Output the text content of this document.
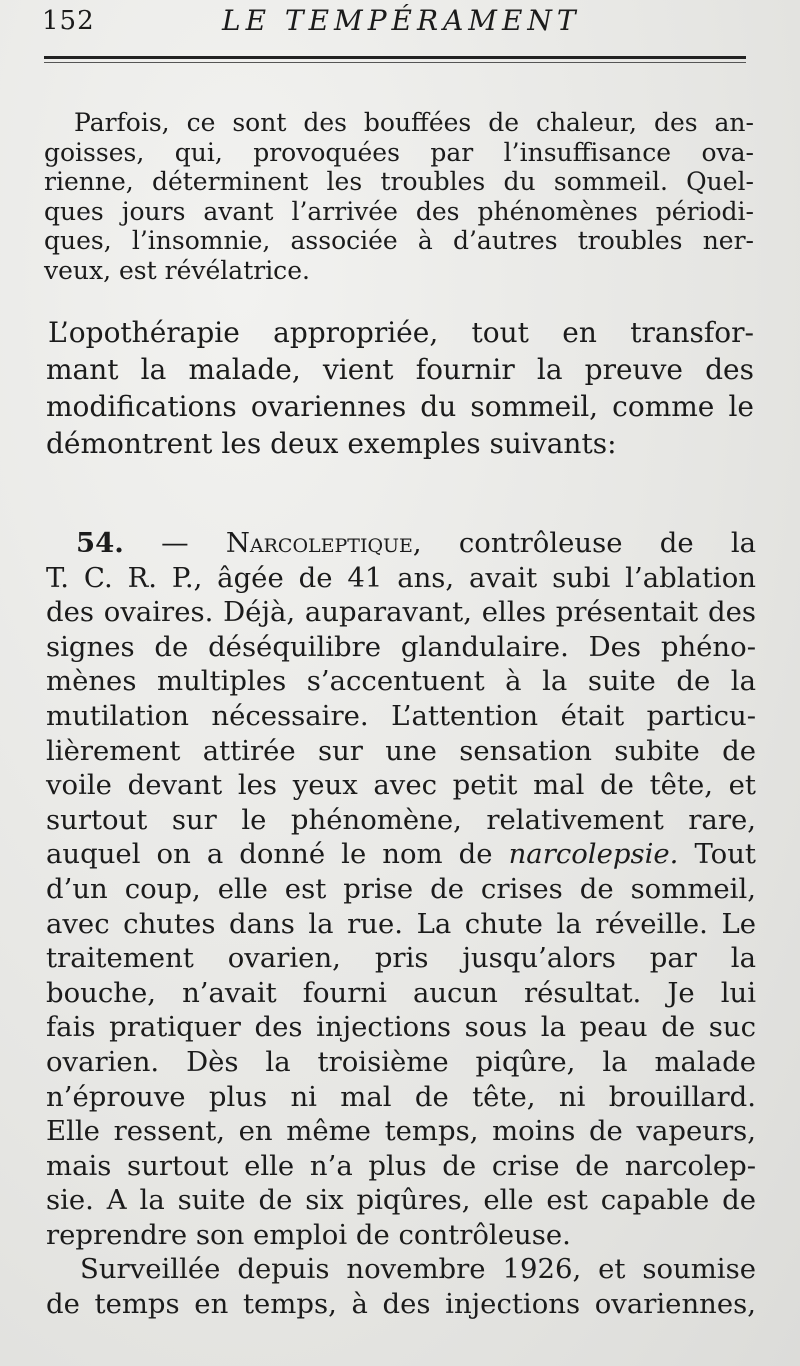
152	LE TEMPÉRAMENT

Parfois, ce sont des bouffées de chaleur, des an-
goisses, qui, provoquées par l’insuffisance ova-
rienne, déterminent les troubles du sommeil. Quel-
ques jours avant l’arrivée des phénomènes périodi-
ques, l’insomnie, associée à d’autres troubles ner-
veux, est révélatrice.

L’opothérapie appropriée, tout en transfor-
mant la malade, vient fournir la preuve des
modifications ovariennes du sommeil, comme le
démontrent les deux exemples suivants:

54. — Narcoleptique, contrôleuse de la
T. C. R. P., âgée de 41 ans, avait subi l’ablation
des ovaires. Déjà, auparavant, elles présentait des
signes de déséquilibre glandulaire. Des phéno-
mènes multiples s’accentuent à la suite de la
mutilation nécessaire. L’attention était particu-
lièrement attirée sur une sensation subite de
voile devant les yeux avec petit mal de tête, et
surtout sur le phénomène, relativement rare,
auquel on a donné le nom de narcolepsie. Tout
d’un coup, elle est prise de crises de sommeil,
avec chutes dans la rue. La chute la réveille. Le
traitement ovarien, pris jusqu’alors par la
bouche, n’avait fourni aucun résultat. Je lui
fais pratiquer des injections sous la peau de suc
ovarien. Dès la troisième piqûre, la malade
n’éprouve plus ni mal de tête, ni brouillard.
Elle ressent, en même temps, moins de vapeurs,
mais surtout elle n’a plus de crise de narcolep-
sie. A la suite de six piqûres, elle est capable de
reprendre son emploi de contrôleuse.

Surveillée depuis novembre 1926, et soumise
de temps en temps, à des injections ovariennes,
